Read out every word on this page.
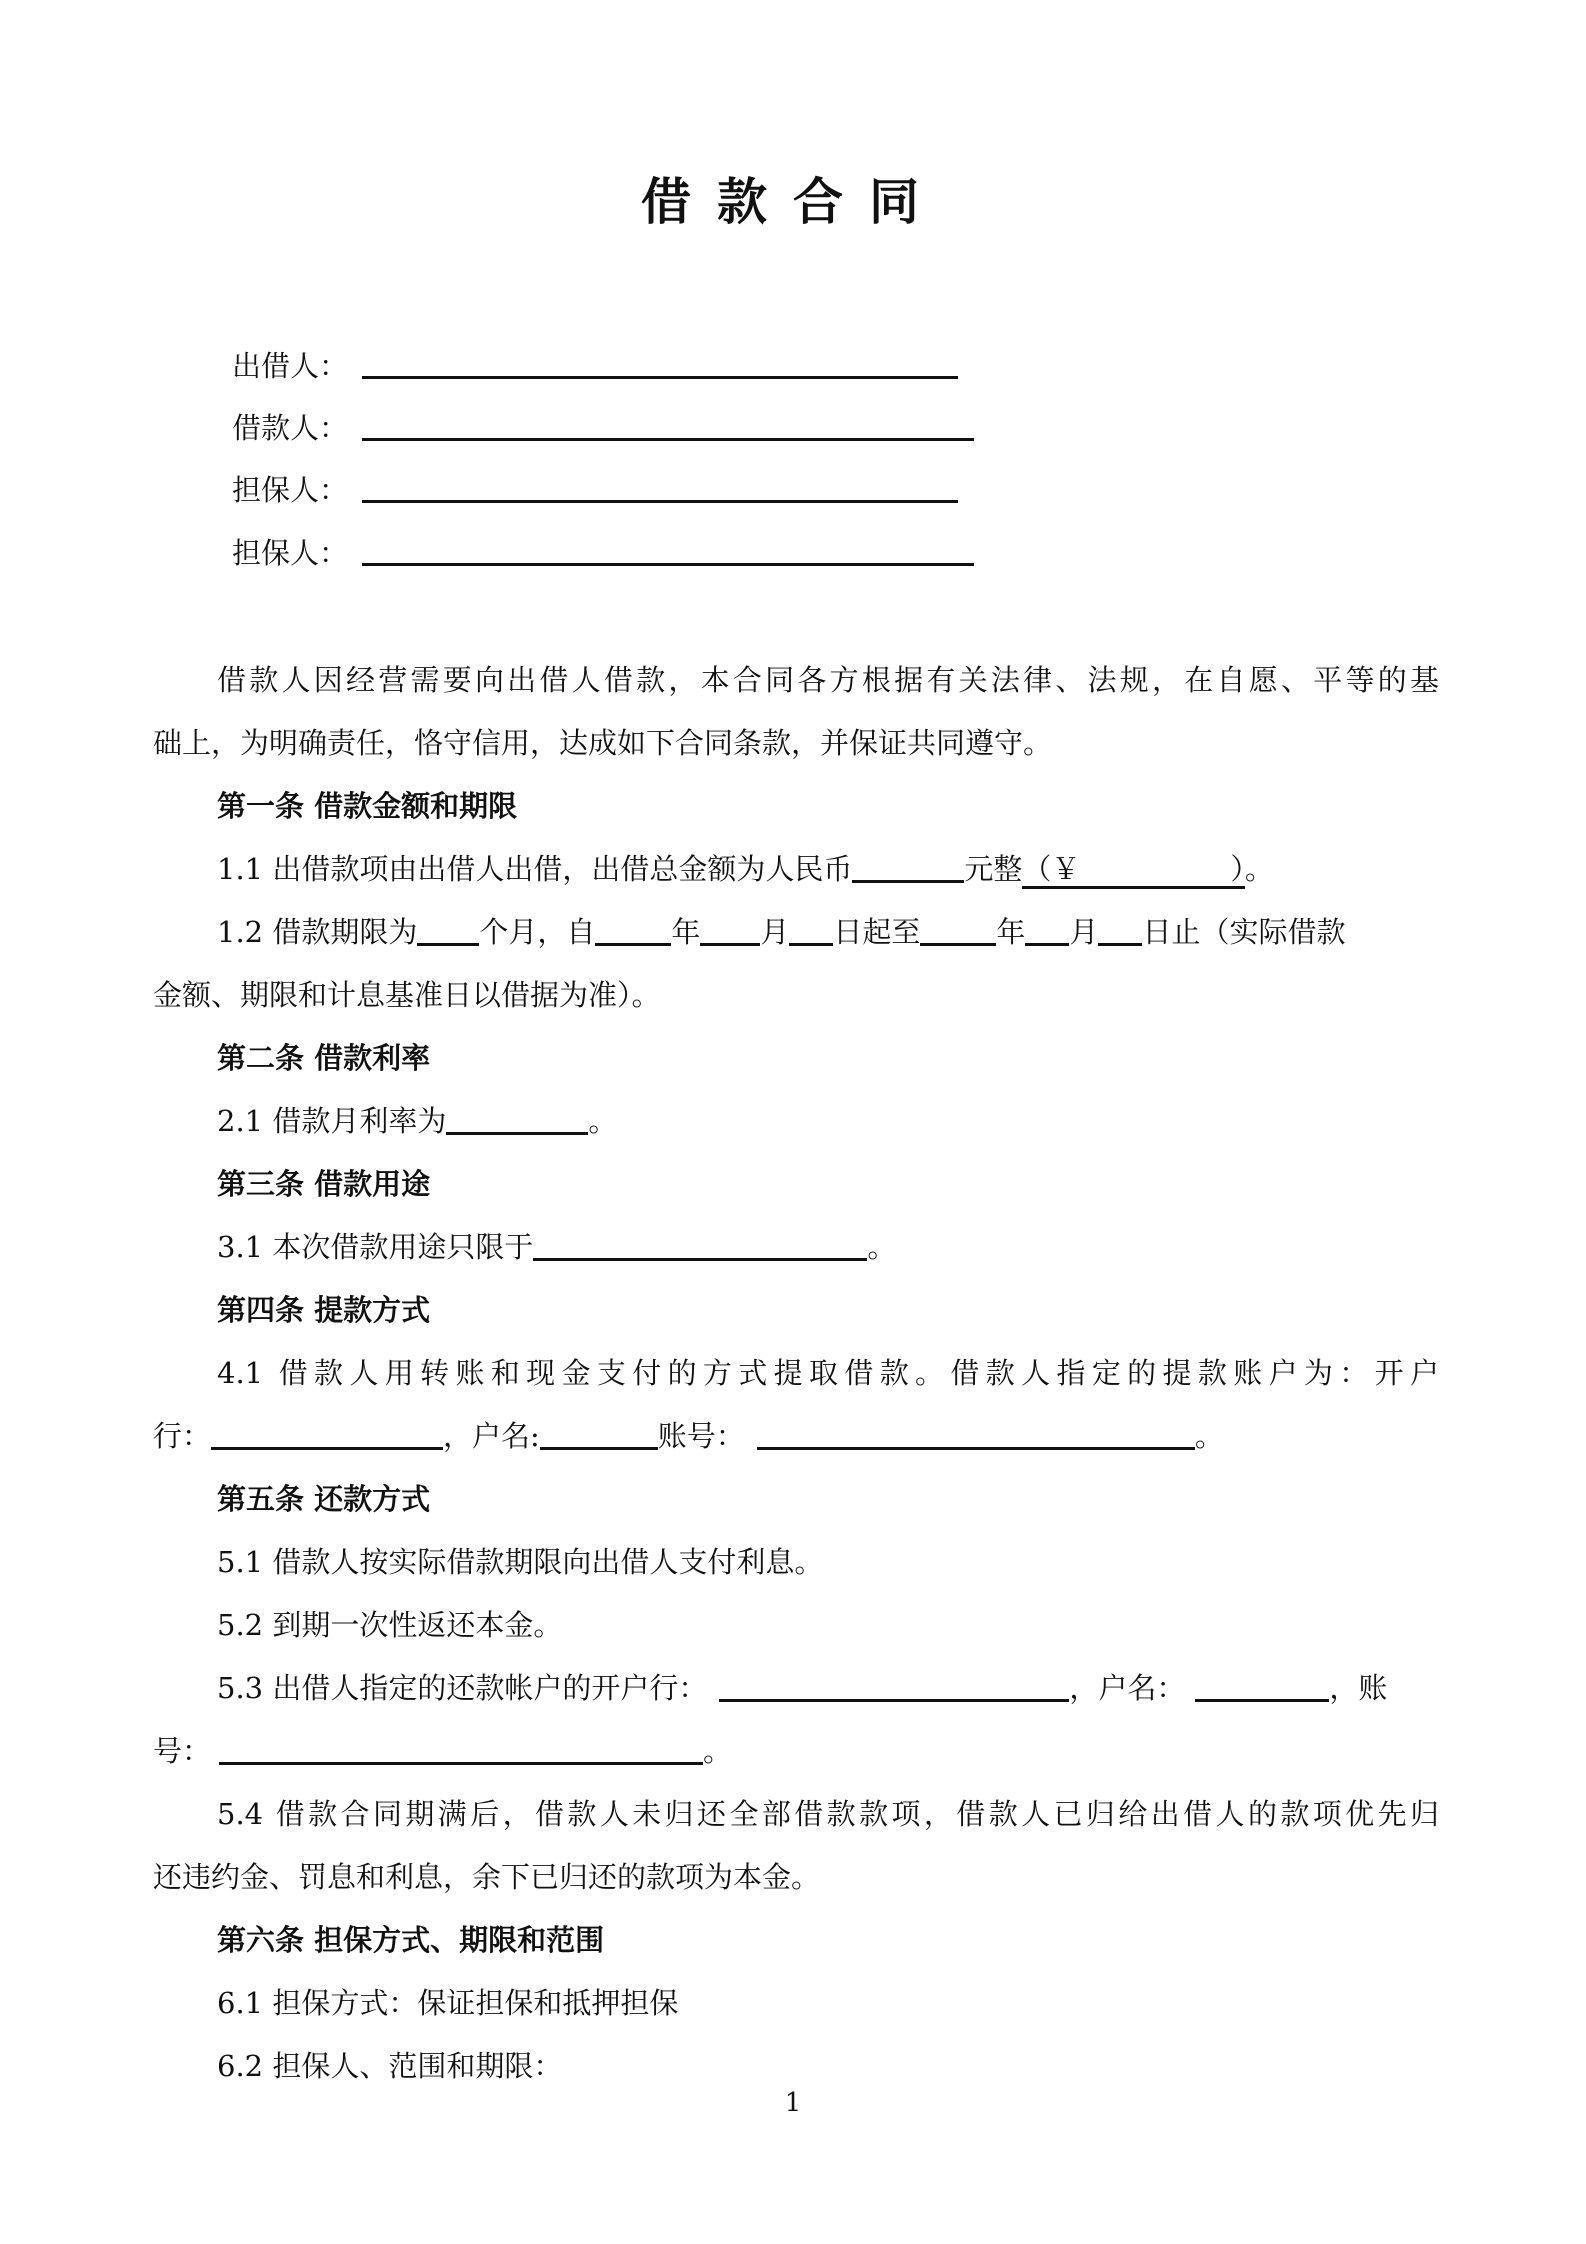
借款合同
出借人：
借款人：
担保人：
担保人：
借款人因经营需要向出借人借款，本合同各方根据有关法律、法规，在自愿、平等的基
础上，为明确责任，恪守信用，达成如下合同条款，并保证共同遵守。
第一条 借款金额和期限
1.1 出借款项由出借人出借，出借总金额为人民币	元整（￥	）。
1.2 借款期限为 个月，自	年 月 日起至	年 月 日止（实际借款
金额、期限和计息基准日以借据为准）。
第二条 借款利率
2.1 借款月利率为	。
第三条 借款用途
3.1 本次借款用途只限于	。
第四条 提款方式
4.1 借款人用转账和现金支付的方式提取借款。借款人指定的提款账户为：开户
行：	，户名:	账号：	。
第五条 还款方式
5.1 借款人按实际借款期限向出借人支付利息。
5.2 到期一次性返还本金。
5.3 出借人指定的还款帐户的开户行：	，户名：	，账
号：	。
5.4 借款合同期满后，借款人未归还全部借款款项，借款人已归给出借人的款项优先归
还违约金、罚息和利息，余下已归还的款项为本金。
第六条 担保方式、期限和范围
6.1 担保方式：保证担保和抵押担保
6.2 担保人、范围和期限：
1
